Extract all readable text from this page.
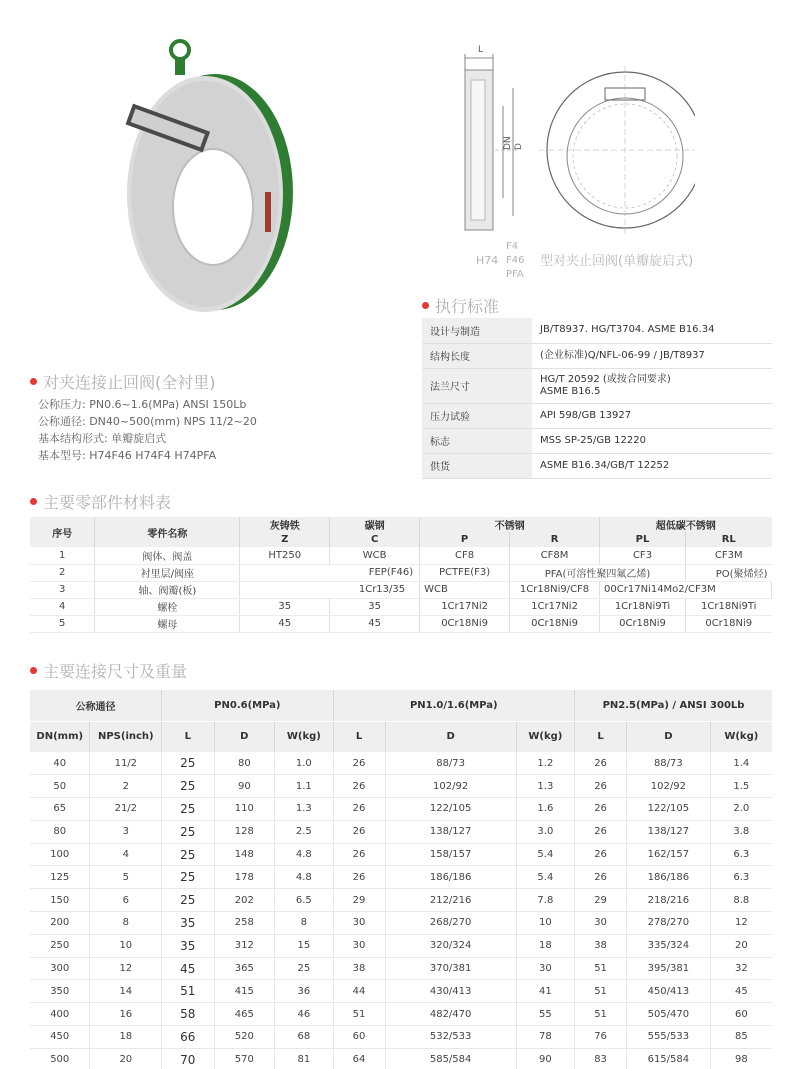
L
DN D
H74
F4
F46
PFA
型对夹止回阀(单瓣旋启式)
执行标准
设计与制造	JB/T8937. HG/T3704. ASME B16.34
结构长度	(企业标准)Q/NFL-06-99 / JB/T8937
法兰尺寸	HG/T 20592 (或按合同要求)
ASME B16.5
压力试验	API 598/GB 13927
标志	MSS SP-25/GB 12220
供货	ASME B16.34/GB/T 12252
对夹连接止回阀(全衬里)
公称压力: PN0.6~1.6(MPa) ANSI 150Lb
公称通径: DN40~500(mm) NPS 11/2~20
基本结构形式: 单瓣旋启式
基本型号: H74F46 H74F4 H74PFA
主要零部件材料表
序号	零件名称	灰铸铁	碳钢	不锈钢		超低碳不锈钢		
		Z	C	P	R	PL	RL	
1	阀体、阀盖	HT250	WCB	CF8	CF8M	CF3	CF3M	
2	衬里层/阀座	FEP(F46)		PCTFE(F3)	PFA(可溶性聚四氟乙烯)		PO(聚烯烃)	
3	轴、阀瓣(板)	1Cr13/35		WCB	1Cr18Ni9/CF8	00Cr17Ni14Mo2/CF3M		
4	螺栓	35	35	1Cr17Ni2	1Cr17Ni2	1Cr18Ni9Ti	1Cr18Ni9Ti	
5	螺母	45	45	0Cr18Ni9	0Cr18Ni9	0Cr18Ni9	0Cr18Ni9	
主要连接尺寸及重量
公称通径		PN0.6(MPa)			PN1.0/1.6(MPa)			PN2.5(MPa) / ANSI 300Lb		
DN(mm)	NPS(inch)	L	D	W(kg)	L	D	W(kg)	L	D	W(kg)
40	11/2	25	80	1.0	26	88/73	1.2	26	88/73	1.4
50	2	25	90	1.1	26	102/92	1.3	26	102/92	1.5
65	21/2	25	110	1.3	26	122/105	1.6	26	122/105	2.0
80	3	25	128	2.5	26	138/127	3.0	26	138/127	3.8
100	4	25	148	4.8	26	158/157	5.4	26	162/157	6.3
125	5	25	178	4.8	26	186/186	5.4	26	186/186	6.3
150	6	25	202	6.5	29	212/216	7.8	29	218/216	8.8
200	8	35	258	8	30	268/270	10	30	278/270	12
250	10	35	312	15	30	320/324	18	38	335/324	20
300	12	45	365	25	38	370/381	30	51	395/381	32
350	14	51	415	36	44	430/413	41	51	450/413	45
400	16	58	465	46	51	482/470	55	51	505/470	60
450	18	66	520	68	60	532/533	78	76	555/533	85
500	20	70	570	81	64	585/584	90	83	615/584	98
